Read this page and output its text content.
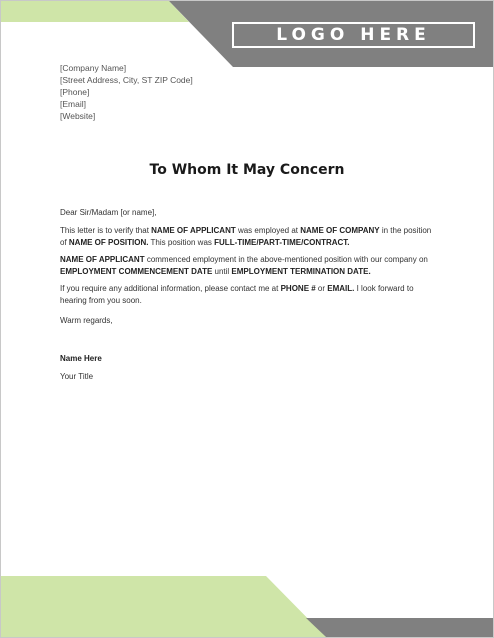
LOGO HERE
[Company Name]
[Street Address, City, ST ZIP Code]
[Phone]
[Email]
[Website]
To Whom It May Concern

Dear Sir/Madam [or name],

This letter is to verify that NAME OF APPLICANT was employed at NAME OF COMPANY in the position of NAME OF POSITION. This position was FULL-TIME/PART-TIME/CONTRACT.

NAME OF APPLICANT commenced employment in the above-mentioned position with our company on EMPLOYMENT COMMENCEMENT DATE until EMPLOYMENT TERMINATION DATE.

If you require any additional information, please contact me at PHONE # or EMAIL. I look forward to hearing from you soon.

Warm regards,

Name Here

Your Title
